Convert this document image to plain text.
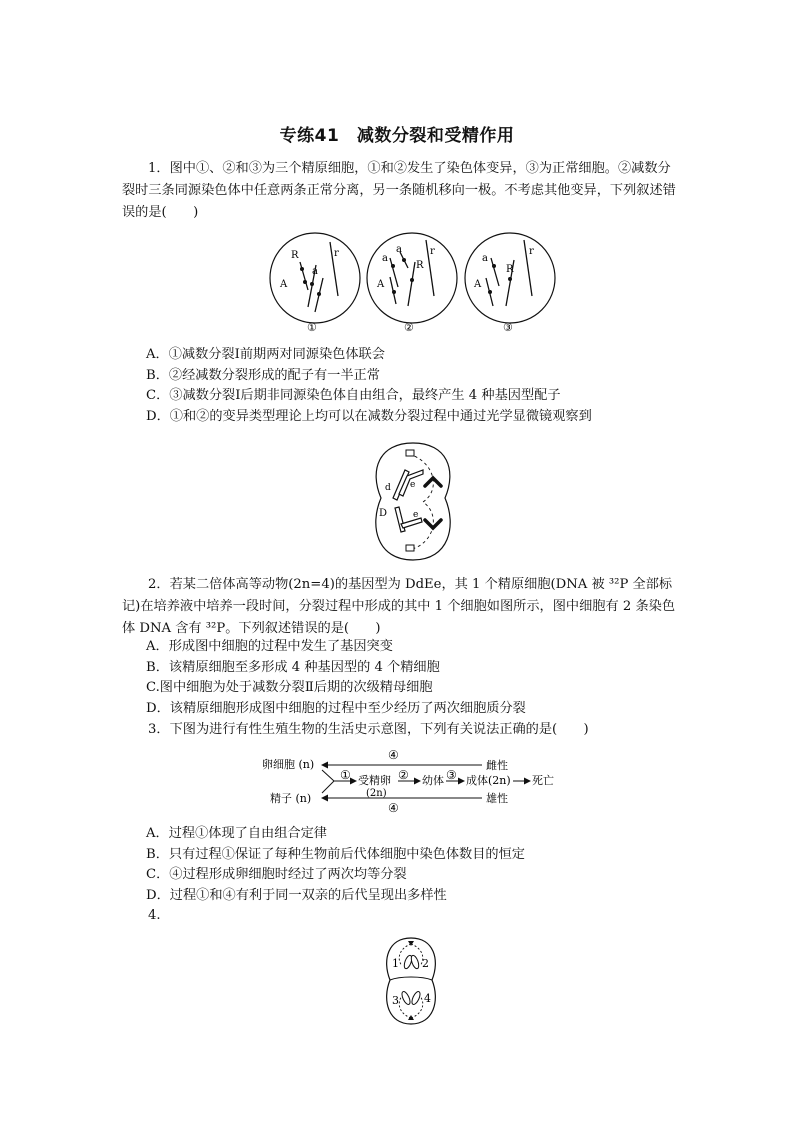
专练41　减数分裂和受精作用
1．图中①、②和③为三个精原细胞，①和②发生了染色体变异，③为正常细胞。②减数分裂时三条同源染色体中任意两条正常分离，另一条随机移向一极。不考虑其他变异，下列叙述错误的是(　　)
R	r
A
a
①
a
a
R
r
A
②
a
R
r
A
③
A．①减数分裂Ⅰ前期两对同源染色体联会
B．②经减数分裂形成的配子有一半正常
C．③减数分裂Ⅰ后期非同源染色体自由组合，最终产生 4 种基因型配子
D．①和②的变异类型理论上均可以在减数分裂过程中通过光学显微镜观察到
d e
D	e
2．若某二倍体高等动物(2n=4)的基因型为 DdEe，其 1 个精原细胞(DNA 被 ³²P 全部标记)在培养液中培养一段时间，分裂过程中形成的其中 1 个细胞如图所示，图中细胞有 2 条染色体 DNA 含有 ³²P。下列叙述错误的是(　　)
A．形成图中细胞的过程中发生了基因突变
B．该精原细胞至多形成 4 种基因型的 4 个精细胞
C.图中细胞为处于减数分裂Ⅱ后期的次级精母细胞
D．该精原细胞形成图中细胞的过程中至少经历了两次细胞质分裂
3．下图为进行有性生殖生物的生活史示意图，下列有关说法正确的是(　　)
卵细胞 (n)
精子 (n)
④
雌性
① 受精卵
(2n)
② 幼体 ③ 成体(2n) 死亡
雄性
④
A．过程①体现了自由组合定律
B．只有过程①保证了每种生物前后代体细胞中染色体数目的恒定
C．④过程形成卵细胞时经过了两次均等分裂
D．过程①和④有利于同一双亲的后代呈现出多样性
4.
1 2
3 4
